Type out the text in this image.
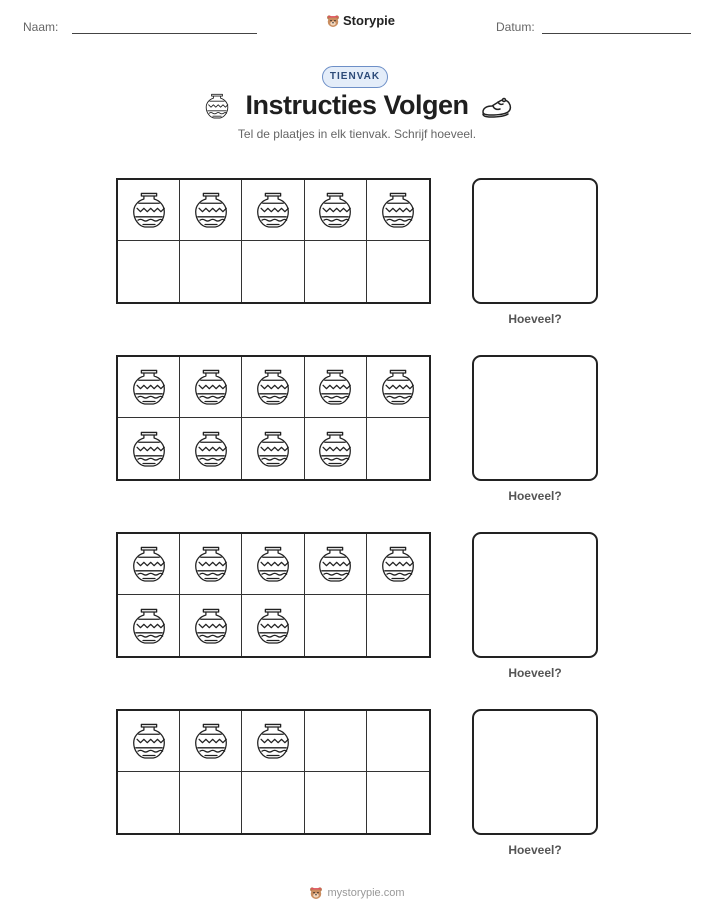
Naam:	Storypie	Datum:
TIENVAK
Instructies Volgen
Tel de plaatjes in elk tienvak. Schrijf hoeveel.
Hoeveel?
Hoeveel?
Hoeveel?
Hoeveel?
mystorypie.com
